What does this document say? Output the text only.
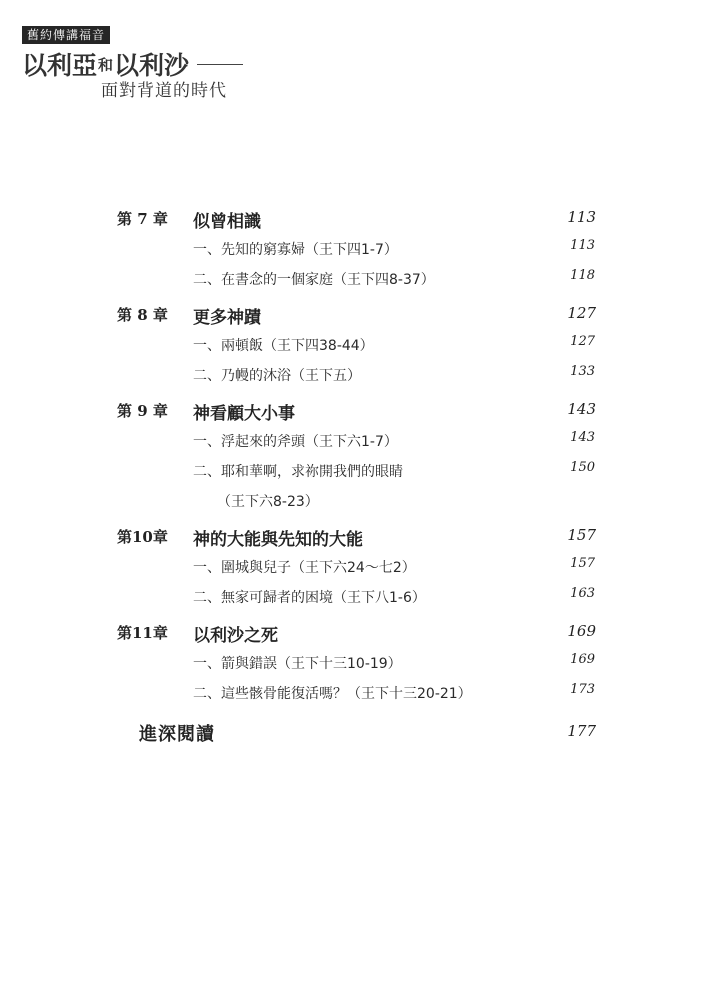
舊約傳講福音
以利亞 和 以利沙
面對背道的時代
第 7 章 似曾相識	113
一、先知的窮寡婦（王下四1-7）	113
二、在書念的一個家庭（王下四8-37）	118
第 8 章 更多神蹟	127
一、兩頓飯（王下四38-44）	127
二、乃幔的沐浴（王下五）	133
第 9 章 神看顧大小事	143
一、浮起來的斧頭（王下六1-7）	143
二、耶和華啊，求祢開我們的眼睛	150
（王下六8-23）
第10章 神的大能與先知的大能	157
一、圍城與兒子（王下六24～七2）	157
二、無家可歸者的困境（王下八1-6）	163
第11章 以利沙之死	169
一、箭與錯誤（王下十三10-19）	169
二、這些骸骨能復活嗎？（王下十三20-21）	173
進深閱讀	177
